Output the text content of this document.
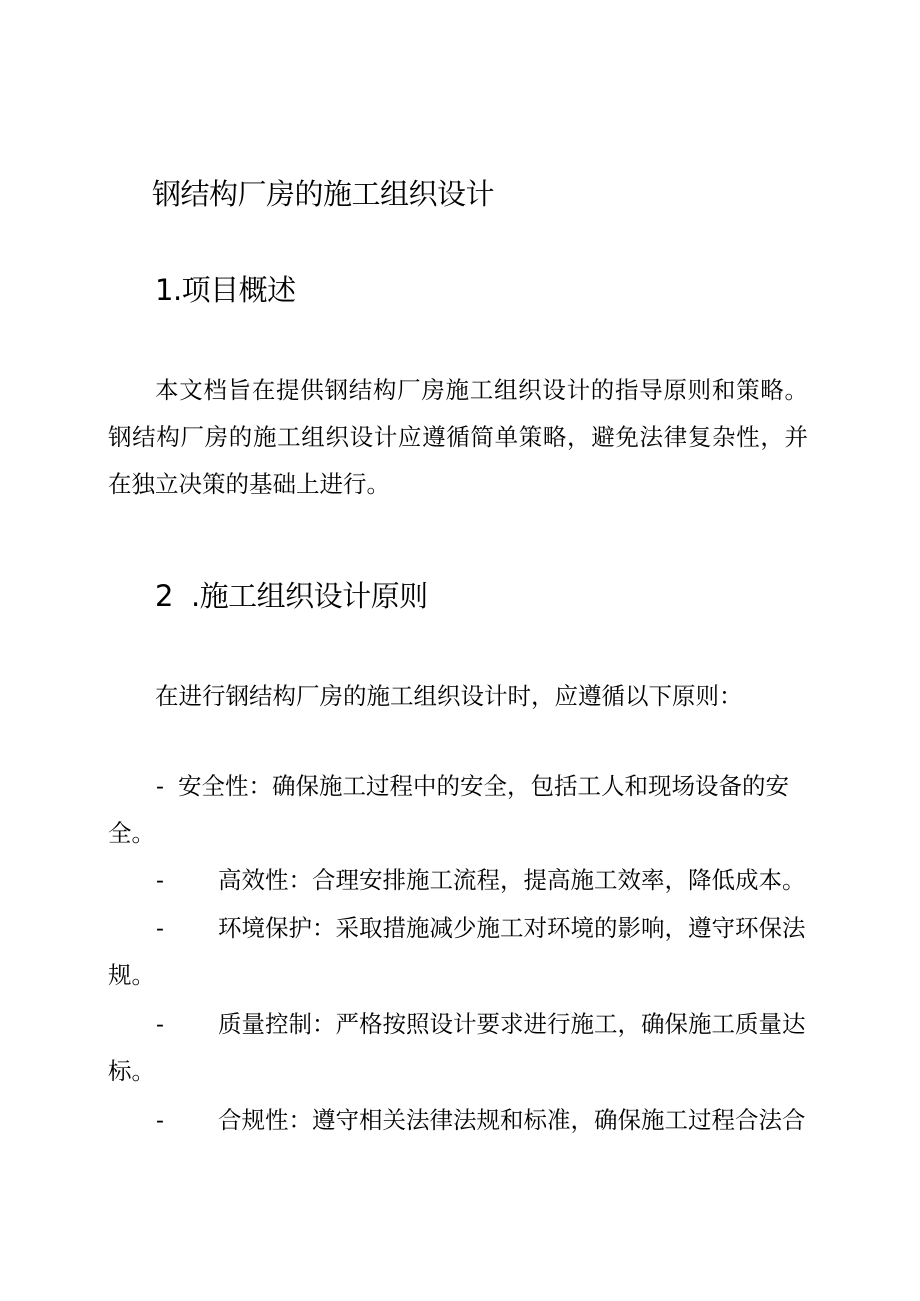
钢结构厂房的施工组织设计
1.项目概述

本文档旨在提供钢结构厂房施工组织设计的指导原则和策略。钢结构厂房的施工组织设计应遵循简单策略，避免法律复杂性，并在独立决策的基础上进行。

2 .施工组织设计原则

在进行钢结构厂房的施工组织设计时，应遵循以下原则：

- 安全性：确保施工过程中的安全，包括工人和现场设备的安全。

- 高效性：合理安排施工流程，提高施工效率，降低成本。

- 环境保护：采取措施减少施工对环境的影响，遵守环保法规。

- 质量控制：严格按照设计要求进行施工，确保施工质量达标。

- 合规性：遵守相关法律法规和标准，确保施工过程合法合
